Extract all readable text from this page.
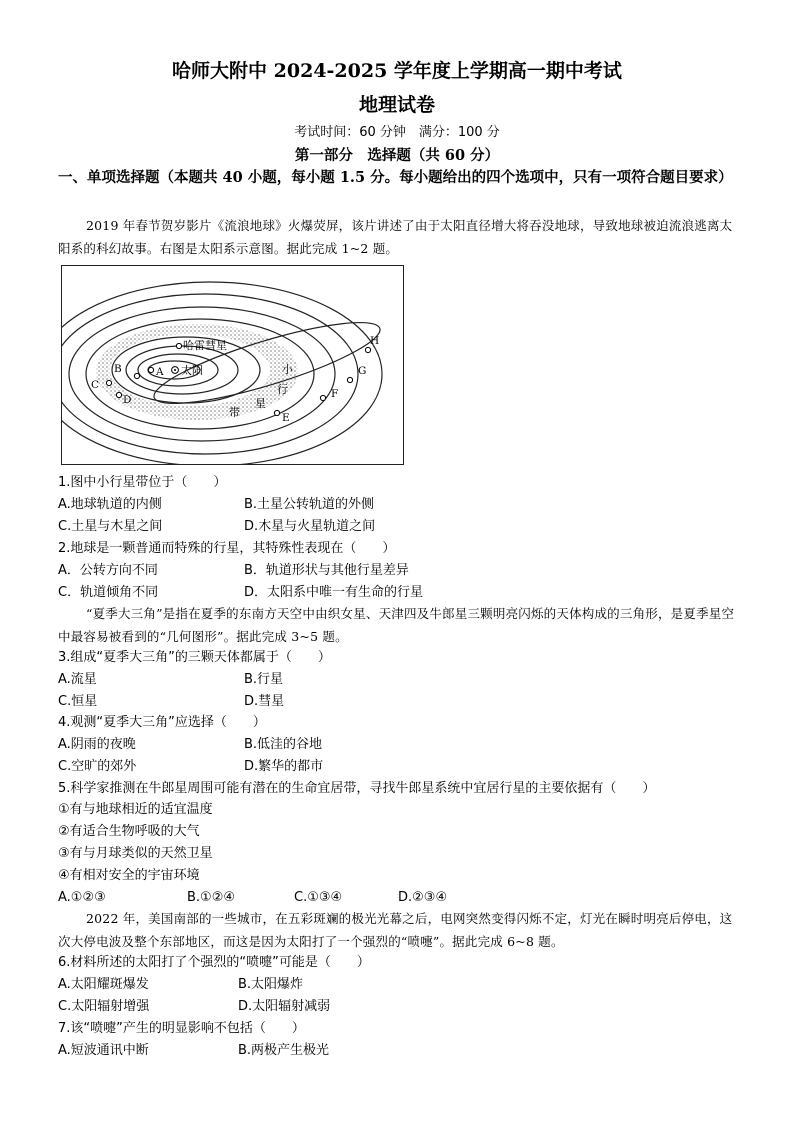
哈师大附中 2024-2025 学年度上学期高一期中考试
地理试卷
考试时间：60 分钟　满分：100 分
第一部分　选择题（共 60 分）
一、单项选择题（本题共 40 小题，每小题 1.5 分。每小题给出的四个选项中，只有一项符合题目要求）
2019 年春节贺岁影片《流浪地球》火爆荧屏，该片讲述了由于太阳直径增大将吞没地球，导致地球被迫流浪逃离太阳系的科幻故事。右图是太阳系示意图。据此完成 1~2 题。
哈雷彗星
太阳
A
B
C
D
E
F
G
H
小
行
星
带
1.图中小行星带位于（　　）
A.地球轨道的内侧	B.土星公转轨道的外侧
C.土星与木星之间	D.木星与火星轨道之间
2.地球是一颗普通而特殊的行星，其特殊性表现在（　　）
A．公转方向不同	B．轨道形状与其他行星差异
C．轨道倾角不同	D．太阳系中唯一有生命的行星
“夏季大三角”是指在夏季的东南方天空中由织女星、天津四及牛郎星三颗明亮闪烁的天体构成的三角形，是夏季星空中最容易被看到的“几何图形”。据此完成 3~5 题。
3.组成“夏季大三角”的三颗天体都属于（　　）
A.流星	B.行星
C.恒星	D.彗星
4.观测“夏季大三角”应选择（　　）
A.阴雨的夜晚	B.低洼的谷地
C.空旷的郊外	D.繁华的都市
5.科学家推测在牛郎星周围可能有潜在的生命宜居带，寻找牛郎星系统中宜居行星的主要依据有（　　）
①有与地球相近的适宜温度
②有适合生物呼吸的大气
③有与月球类似的天然卫星
④有相对安全的宇宙环境
A.①②③	B.①②④	C.①③④	D.②③④
2022 年，美国南部的一些城市，在五彩斑斓的极光光幕之后，电网突然变得闪烁不定，灯光在瞬时明亮后停电，这次大停电波及整个东部地区，而这是因为太阳打了一个强烈的“喷嚏”。据此完成 6~8 题。
6.材料所述的太阳打了个强烈的“喷嚏”可能是（　　）
A.太阳耀斑爆发	B.太阳爆炸
C.太阳辐射增强	D.太阳辐射减弱
7.该“喷嚏”产生的明显影响不包括（　　）
A.短波通讯中断	B.两极产生极光
